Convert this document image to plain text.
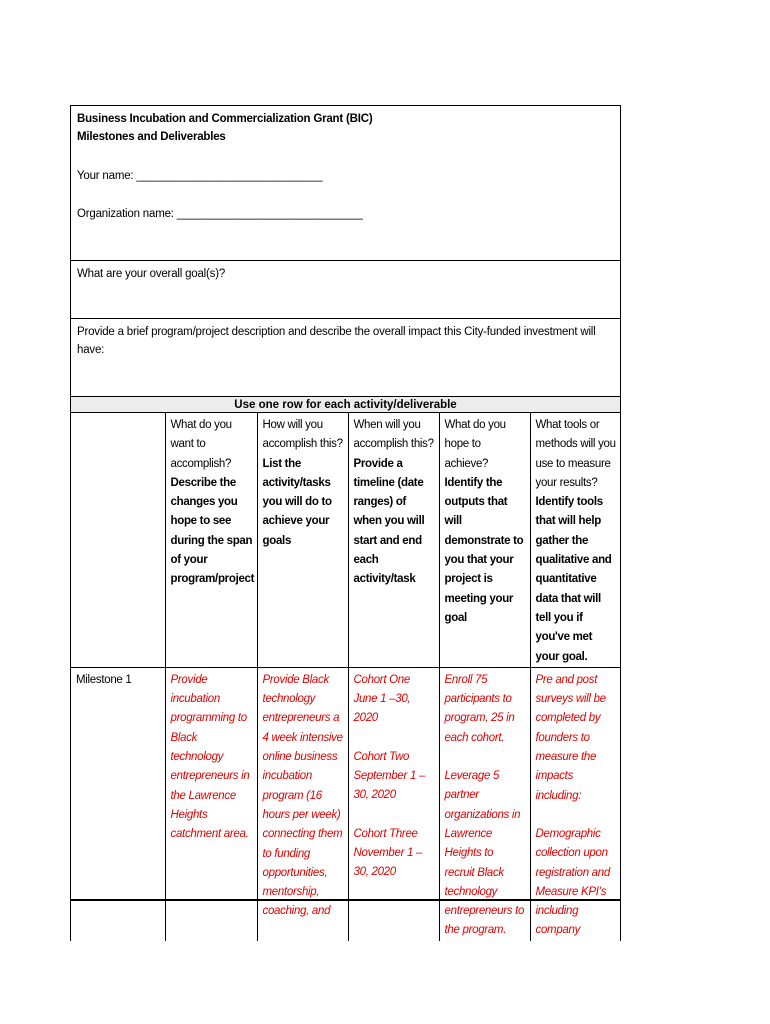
Business Incubation and Commercialization Grant (BIC)
Milestones and Deliverables
Your name: ______________________________
Organization name: ______________________________
What are your overall goal(s)?
Provide a brief program/project description and describe the overall impact this City-funded investment will have:
Use one row for each activity/deliverable

	What do you want to accomplish?
Describe the changes you hope to see during the span of your program/project	How will you accomplish this?
List the activity/tasks you will do to achieve your goals	When will you accomplish this?
Provide a timeline (date ranges) of when you will start and end each activity/task	What do you hope to achieve?
Identify the outputs that will demonstrate to you that your project is meeting your goal	What tools or methods will you use to measure your results?
Identify tools that will help gather the qualitative and quantitative data that will tell you if you've met your goal.

Milestone 1	Provide incubation programming to Black technology entrepreneurs in the Lawrence Heights catchment area.	Provide Black technology entrepreneurs a 4 week intensive online business incubation program (16 hours per week) connecting them to funding opportunities, mentorship, coaching, and	Cohort One June 1 –30, 2020
Cohort Two September 1 – 30, 2020
Cohort Three November 1 – 30, 2020	Enroll 75 participants to program, 25 in each cohort.
Leverage 5 partner organizations in Lawrence Heights to recruit Black technology entrepreneurs to the program.	Pre and post surveys will be completed by founders to measure the impacts including:
Demographic collection upon registration and Measure KPI’s including company
